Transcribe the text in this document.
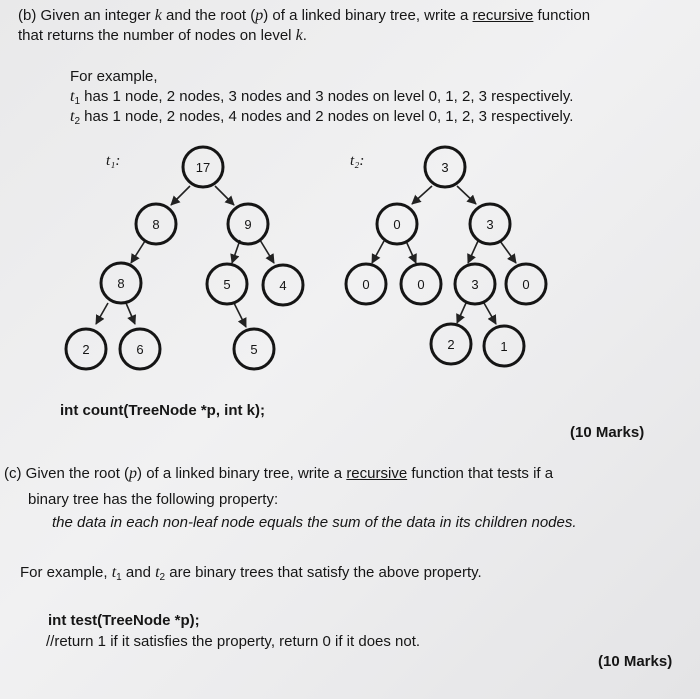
(b) Given an integer k and the root (p) of a linked binary tree, write a recursive function
that returns the number of nodes on level k.
For example,
$t_1$ has 1 node, 2 nodes, 3 nodes and 3 nodes on level 0, 1, 2, 3 respectively.
$t_2$ has 1 node, 2 nodes, 4 nodes and 2 nodes on level 0, 1, 2, 3 respectively.
t₁:	t₂:
17
8	9
8	5	4
2	6	5
3
0	3
0	0	3	0
2	1
int count(TreeNode *p, int k);
(10 Marks)
(c) Given the root (p) of a linked binary tree, write a recursive function that tests if a
binary tree has the following property:
the data in each non-leaf node equals the sum of the data in its children nodes.
For example, $t_1$ and $t_2$ are binary trees that satisfy the above property.
int test(TreeNode *p);
//return 1 if it satisfies the property, return 0 if it does not.
(10 Marks)
